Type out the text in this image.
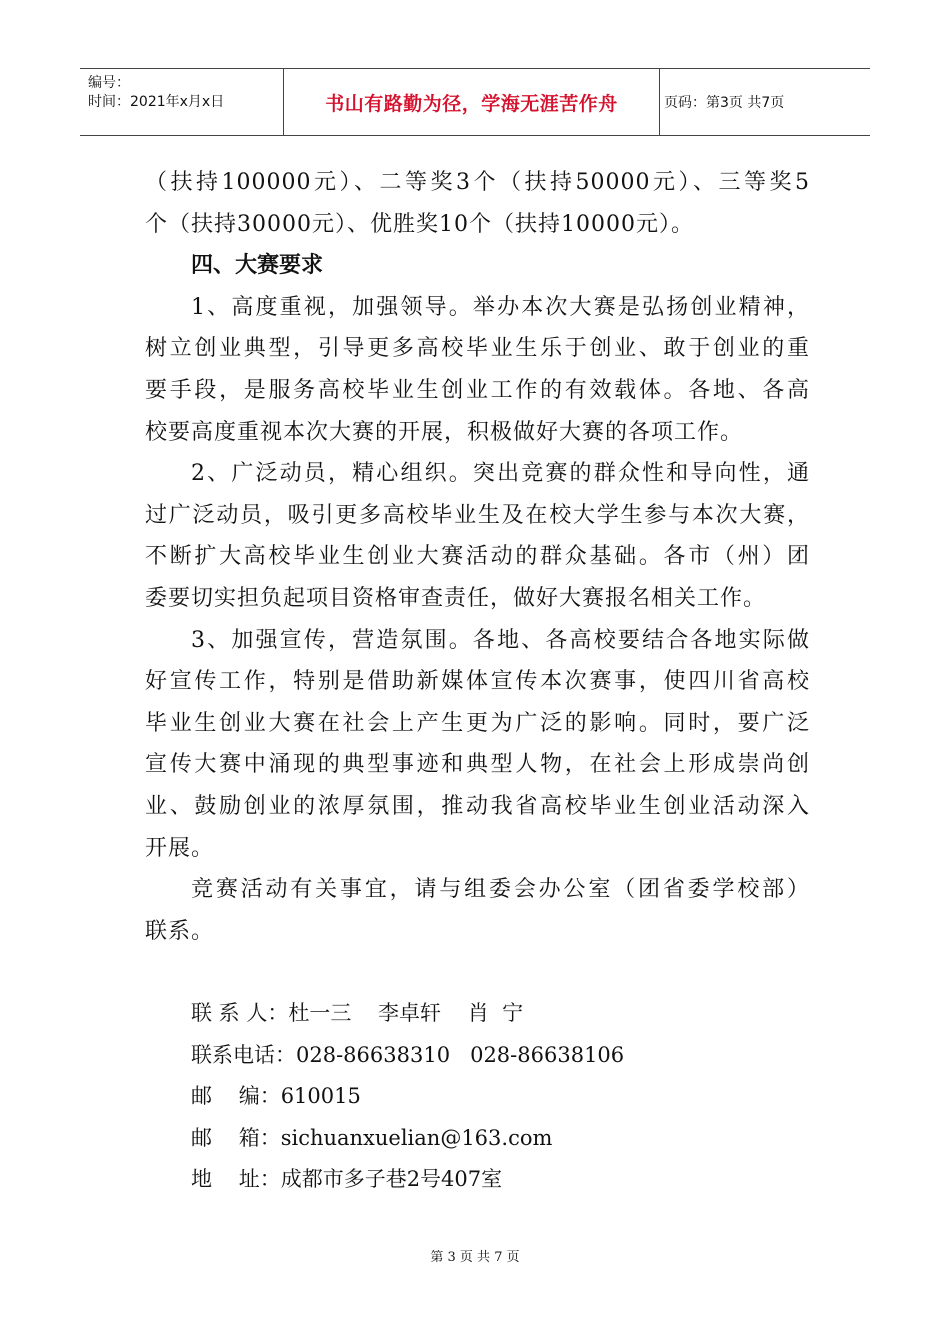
编号：
时间：2021年x月x日	书山有路勤为径，学海无涯苦作舟	页码：第3页 共7页

（扶持100000元）、二等奖3个（扶持50000元）、三等奖5

个（扶持30000元）、优胜奖10个（扶持10000元）。

四、大赛要求

1、高度重视，加强领导。举办本次大赛是弘扬创业精神，

树立创业典型，引导更多高校毕业生乐于创业、敢于创业的重

要手段，是服务高校毕业生创业工作的有效载体。各地、各高

校要高度重视本次大赛的开展，积极做好大赛的各项工作。

2、广泛动员，精心组织。突出竞赛的群众性和导向性，通

过广泛动员，吸引更多高校毕业生及在校大学生参与本次大赛，

不断扩大高校毕业生创业大赛活动的群众基础。各市（州）团

委要切实担负起项目资格审查责任，做好大赛报名相关工作。

3、加强宣传，营造氛围。各地、各高校要结合各地实际做

好宣传工作，特别是借助新媒体宣传本次赛事，使四川省高校

毕业生创业大赛在社会上产生更为广泛的影响。同时，要广泛

宣传大赛中涌现的典型事迹和典型人物，在社会上形成崇尚创

业、鼓励创业的浓厚氛围，推动我省高校毕业生创业活动深入

开展。

竞赛活动有关事宜，请与组委会办公室（团省委学校部）

联系。

联 系 人：杜一三    李卓轩    肖  宁

联系电话：028-86638310   028-86638106

邮    编：610015

邮    箱：sichuanxuelian@163.com

地    址：成都市多子巷2号407室

第 3 页 共 7 页
